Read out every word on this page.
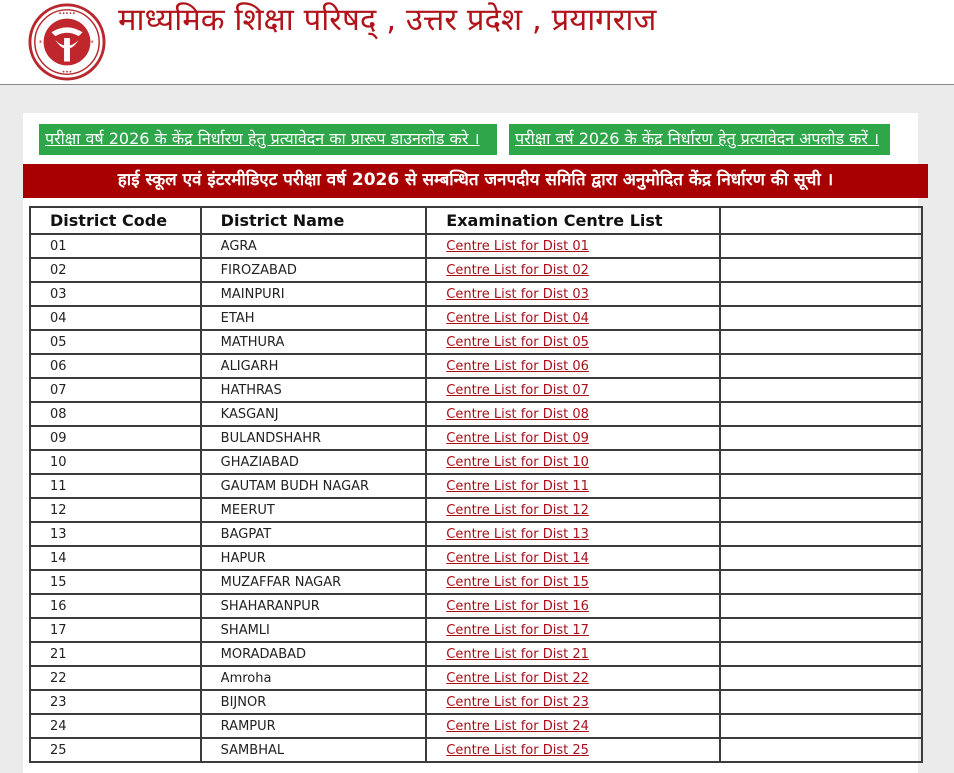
•••••
•••
*	*
माध्यमिक शिक्षा परिषद् , उत्तर प्रदेश , प्रयागराज
परीक्षा वर्ष 2026 के केंद्र निर्धारण हेतु प्रत्यावेदन का प्रारूप डाउनलोड करे ।	परीक्षा वर्ष 2026 के केंद्र निर्धारण हेतु प्रत्यावेदन अपलोड करें ।
हाई स्कूल एवं इंटरमीडिएट परीक्षा वर्ष 2026 से सम्बन्धित जनपदीय समिति द्वारा अनुमोदित केंद्र निर्धारण की सूची ।
District Code	District Name	Examination Centre List	
01	AGRA	Centre List for Dist 01	
02	FIROZABAD	Centre List for Dist 02	
03	MAINPURI	Centre List for Dist 03	
04	ETAH	Centre List for Dist 04	
05	MATHURA	Centre List for Dist 05	
06	ALIGARH	Centre List for Dist 06	
07	HATHRAS	Centre List for Dist 07	
08	KASGANJ	Centre List for Dist 08	
09	BULANDSHAHR	Centre List for Dist 09	
10	GHAZIABAD	Centre List for Dist 10	
11	GAUTAM BUDH NAGAR	Centre List for Dist 11	
12	MEERUT	Centre List for Dist 12	
13	BAGPAT	Centre List for Dist 13	
14	HAPUR	Centre List for Dist 14	
15	MUZAFFAR NAGAR	Centre List for Dist 15	
16	SHAHARANPUR	Centre List for Dist 16	
17	SHAMLI	Centre List for Dist 17	
21	MORADABAD	Centre List for Dist 21	
22	Amroha	Centre List for Dist 22	
23	BIJNOR	Centre List for Dist 23	
24	RAMPUR	Centre List for Dist 24	
25	SAMBHAL	Centre List for Dist 25	
